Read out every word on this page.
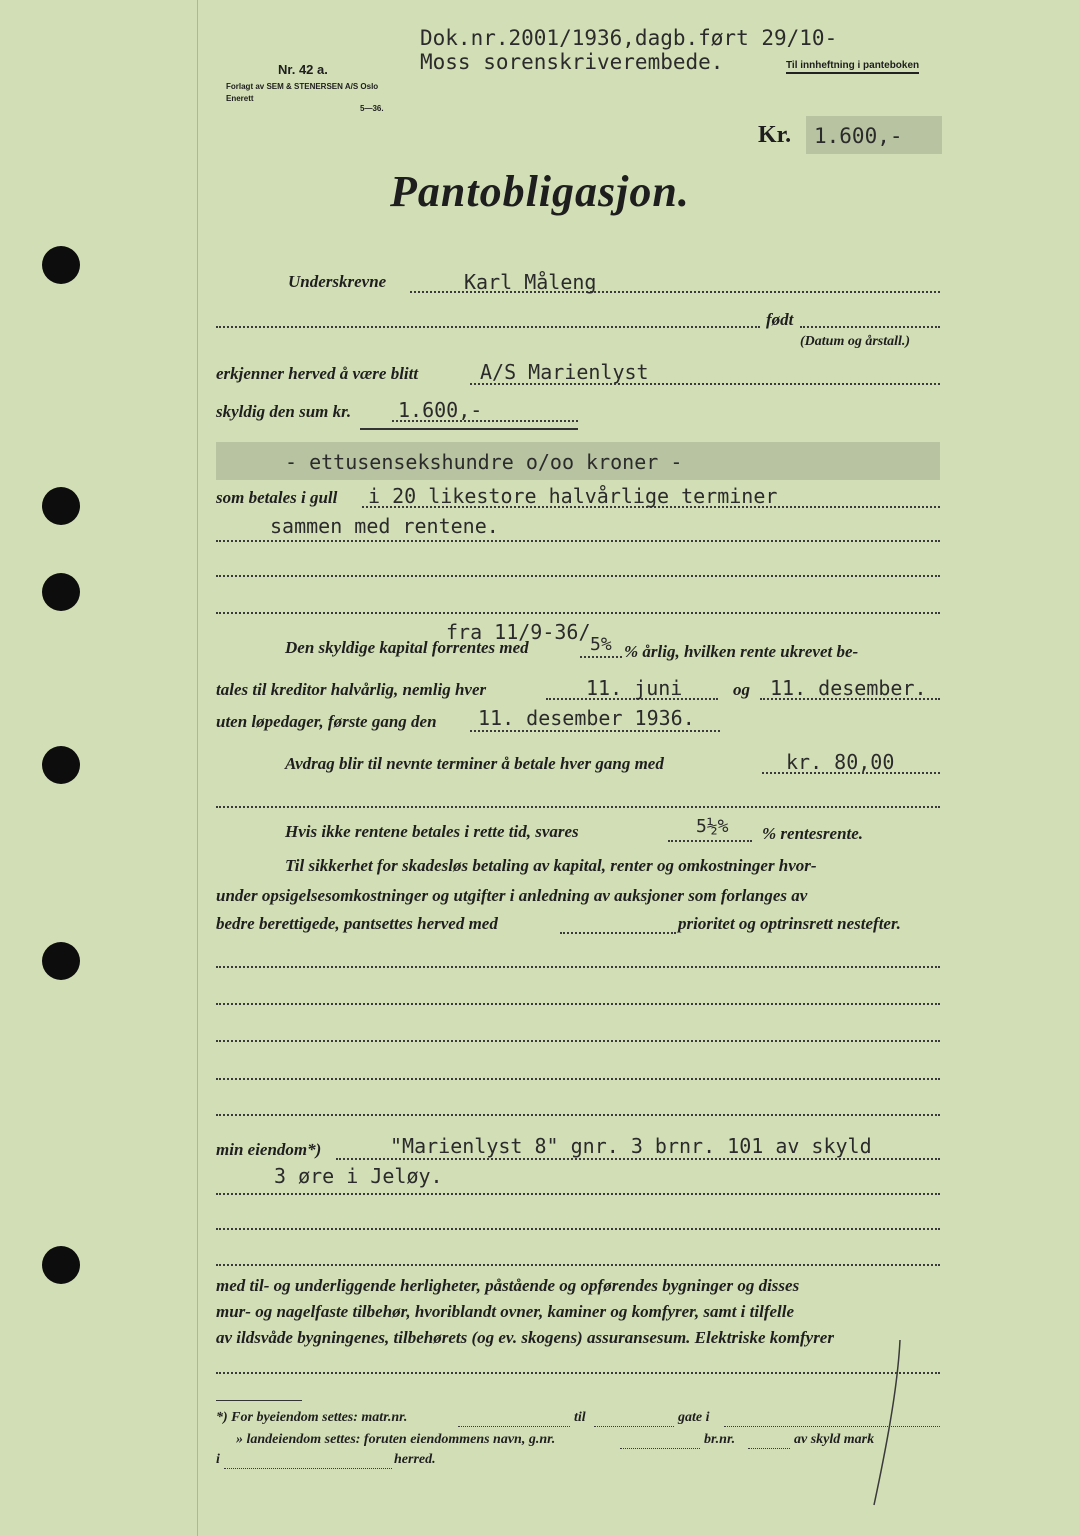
Dok.nr.2001/1936,dagb.ført 29/10-
Moss sorenskriverembede.	Til innheftning i panteboken
Nr. 42 a.
Forlagt av SEM & STENERSEN A/S Oslo
Enerett
5—36.
Kr. 1.600,-
Pantobligasjon.
Underskrevne	Karl Måleng
født
(Datum og årstall.)
erkjenner herved å være blitt	A/S Marienlyst
skyldig den sum kr. 1.600,-
- ettusensekshundre o/oo kroner -
som betales i gull i 20 likestore halvårlige terminer
sammen med rentene.
fra 11/9-36/
Den skyldige kapital forrentes med	5% % årlig, hvilken rente ukrevet be-
tales til kreditor halvårlig, nemlig hver	11. juni	og 11. desember.
uten løpedager, første gang den 11. desember 1936.
Avdrag blir til nevnte terminer å betale hver gang med	kr. 80,00
Hvis ikke rentene betales i rette tid, svares	5½% % rentesrente.
Til sikkerhet for skadesløs betaling av kapital, renter og omkostninger hvor-
under opsigelsesomkostninger og utgifter i anledning av auksjoner som forlanges av
bedre berettigede, pantsettes herved med	prioritet og optrinsrett nestefter.
min eiendom*)	"Marienlyst 8" gnr. 3 brnr. 101 av skyld
3 øre i Jeløy.
med til- og underliggende herligheter, påstående og opførendes bygninger og disses
mur- og nagelfaste tilbehør, hvoriblandt ovner, kaminer og komfyrer, samt i tilfelle
av ildsvåde bygningenes, tilbehørets (og ev. skogens) assuransesum. Elektriske komfyrer
*) For byeiendom settes: matr.nr.	til	gate i
» landeiendom settes: foruten eiendommens navn, g.nr.	br.nr.	av skyld mark
i	herred.
